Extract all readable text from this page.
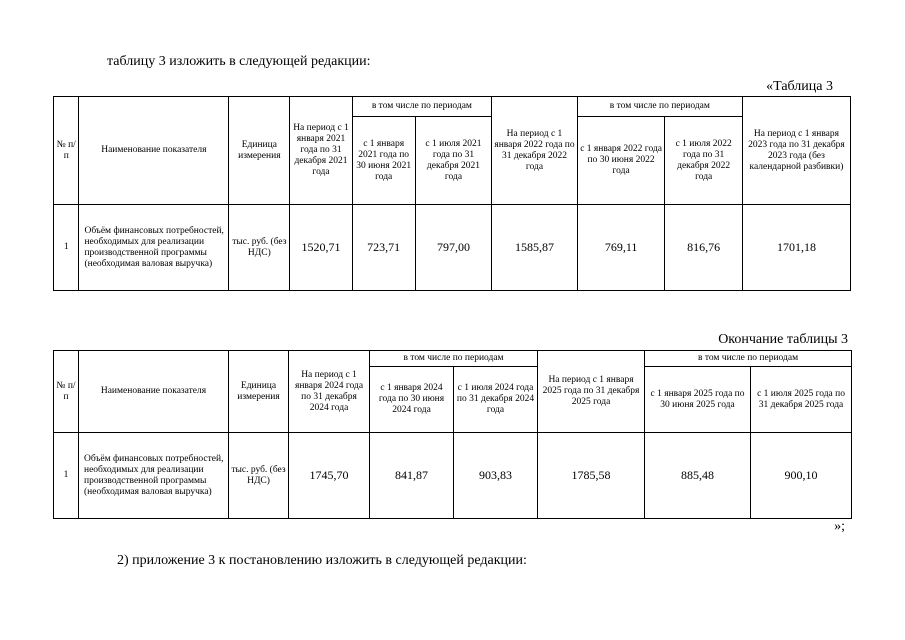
таблицу 3 изложить в следующей редакции:
«Таблица 3
№ п/п	Наименование показателя	Единица измерения	На период с 1 января 2021 года по 31 декабря 2021 года	в том числе по периодам		На период с 1 января 2022 года по 31 декабря 2022 года	в том числе по периодам		На период с 1 января 2023 года по 31 декабря 2023 года (без календарной разбивки)
				с 1 января 2021 года по 30 июня 2021 года	с 1 июля 2021 года по 31 декабря 2021 года		с 1 января 2022 года по 30 июня 2022 года	с 1 июля 2022 года по 31 декабря 2022 года	
1	Объём финансовых потребностей, необходимых для реализации производственной программы (необходимая валовая выручка)	тыс. руб. (без НДС)	1520,71	723,71	797,00	1585,87	769,11	816,76	1701,18
Окончание таблицы 3
№ п/п	Наименование показателя	Единица измерения	На период с 1 января 2024 года по 31 декабря 2024 года	в том числе по периодам		На период с 1 января 2025 года по 31 декабря 2025 года	в том числе по периодам	
				с 1 января 2024 года по 30 июня 2024 года	с 1 июля 2024 года по 31 декабря 2024 года		с 1 января 2025 года по 30 июня 2025 года	с 1 июля 2025 года по 31 декабря 2025 года
1	Объём финансовых потребностей, необходимых для реализации производственной программы (необходимая валовая выручка)	тыс. руб. (без НДС)	1745,70	841,87	903,83	1785,58	885,48	900,10
»;
2) приложение 3 к постановлению изложить в следующей редакции:
